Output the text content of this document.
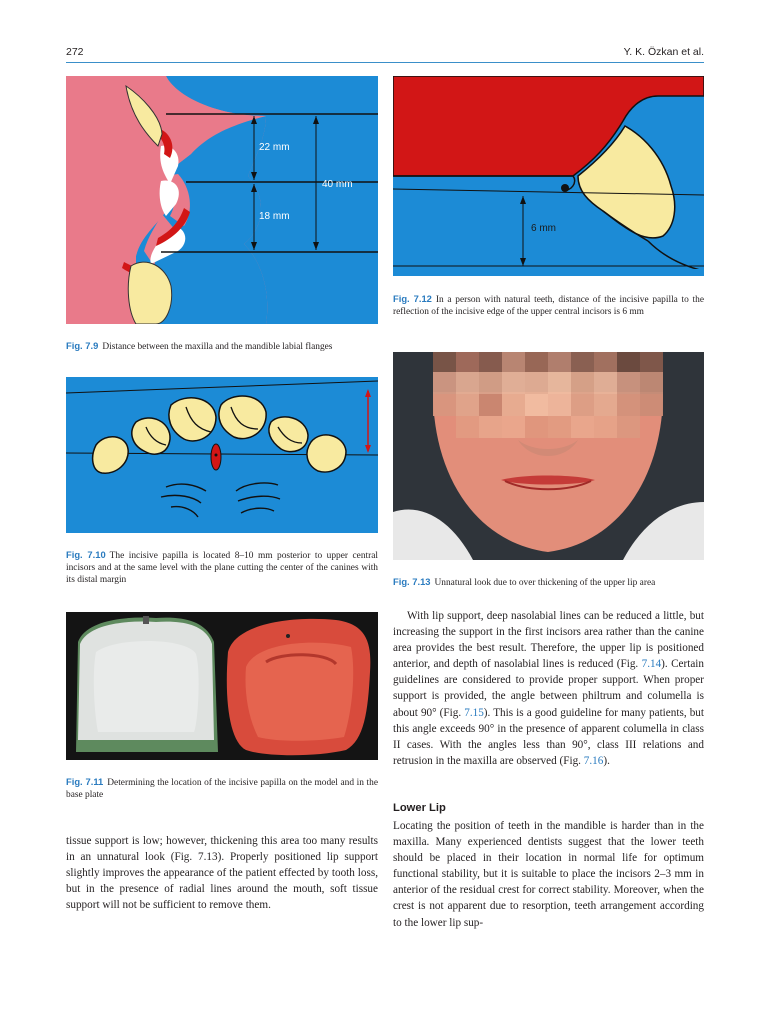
272	Y. K. Özkan et al.
22 mm
18 mm
40 mm
Fig. 7.9 Distance between the maxilla and the mandible labial flanges
6 mm
Fig. 7.12 In a person with natural teeth, distance of the incisive papilla to the reflection of the incisive edge of the upper central incisors is 6 mm
Fig. 7.10 The incisive papilla is located 8–10 mm posterior to upper central incisors and at the same level with the plane cutting the center of the canines with its distal margin	Fig. 7.13 Unnatural look due to over thickening of the upper lip area
Fig. 7.11 Determining the location of the incisive papilla on the model and in the base plate

tissue support is low; however, thickening this area too many results in an unnatural look (Fig. 7.13). Properly positioned lip support slightly improves the appearance of the patient effected by tooth loss, but in the presence of radial lines around the mouth, soft tissue support will not be sufficient to remove them.

With lip support, deep nasolabial lines can be reduced a little, but increasing the support in the first incisors area rather than the canine area provides the best result. Therefore, the upper lip is positioned anterior, and depth of nasolabial lines is reduced (Fig. 7.14). Certain guidelines are considered to provide proper support. When proper support is provided, the angle between philtrum and columella is about 90° (Fig. 7.15). This is a good guideline for many patients, but this angle exceeds 90° in the presence of apparent columella in class II cases. With the angles less than 90°, class III relations and retrusion in the maxilla are observed (Fig. 7.16).

Lower Lip

Locating the position of teeth in the mandible is harder than in the maxilla. Many experienced dentists suggest that the lower teeth should be placed in their location in normal life for optimum functional stability, but it is suitable to place the incisors 2–3 mm in anterior of the residual crest for correct stability. Moreover, when the crest is not apparent due to resorption, teeth arrangement according to the lower lip sup-
